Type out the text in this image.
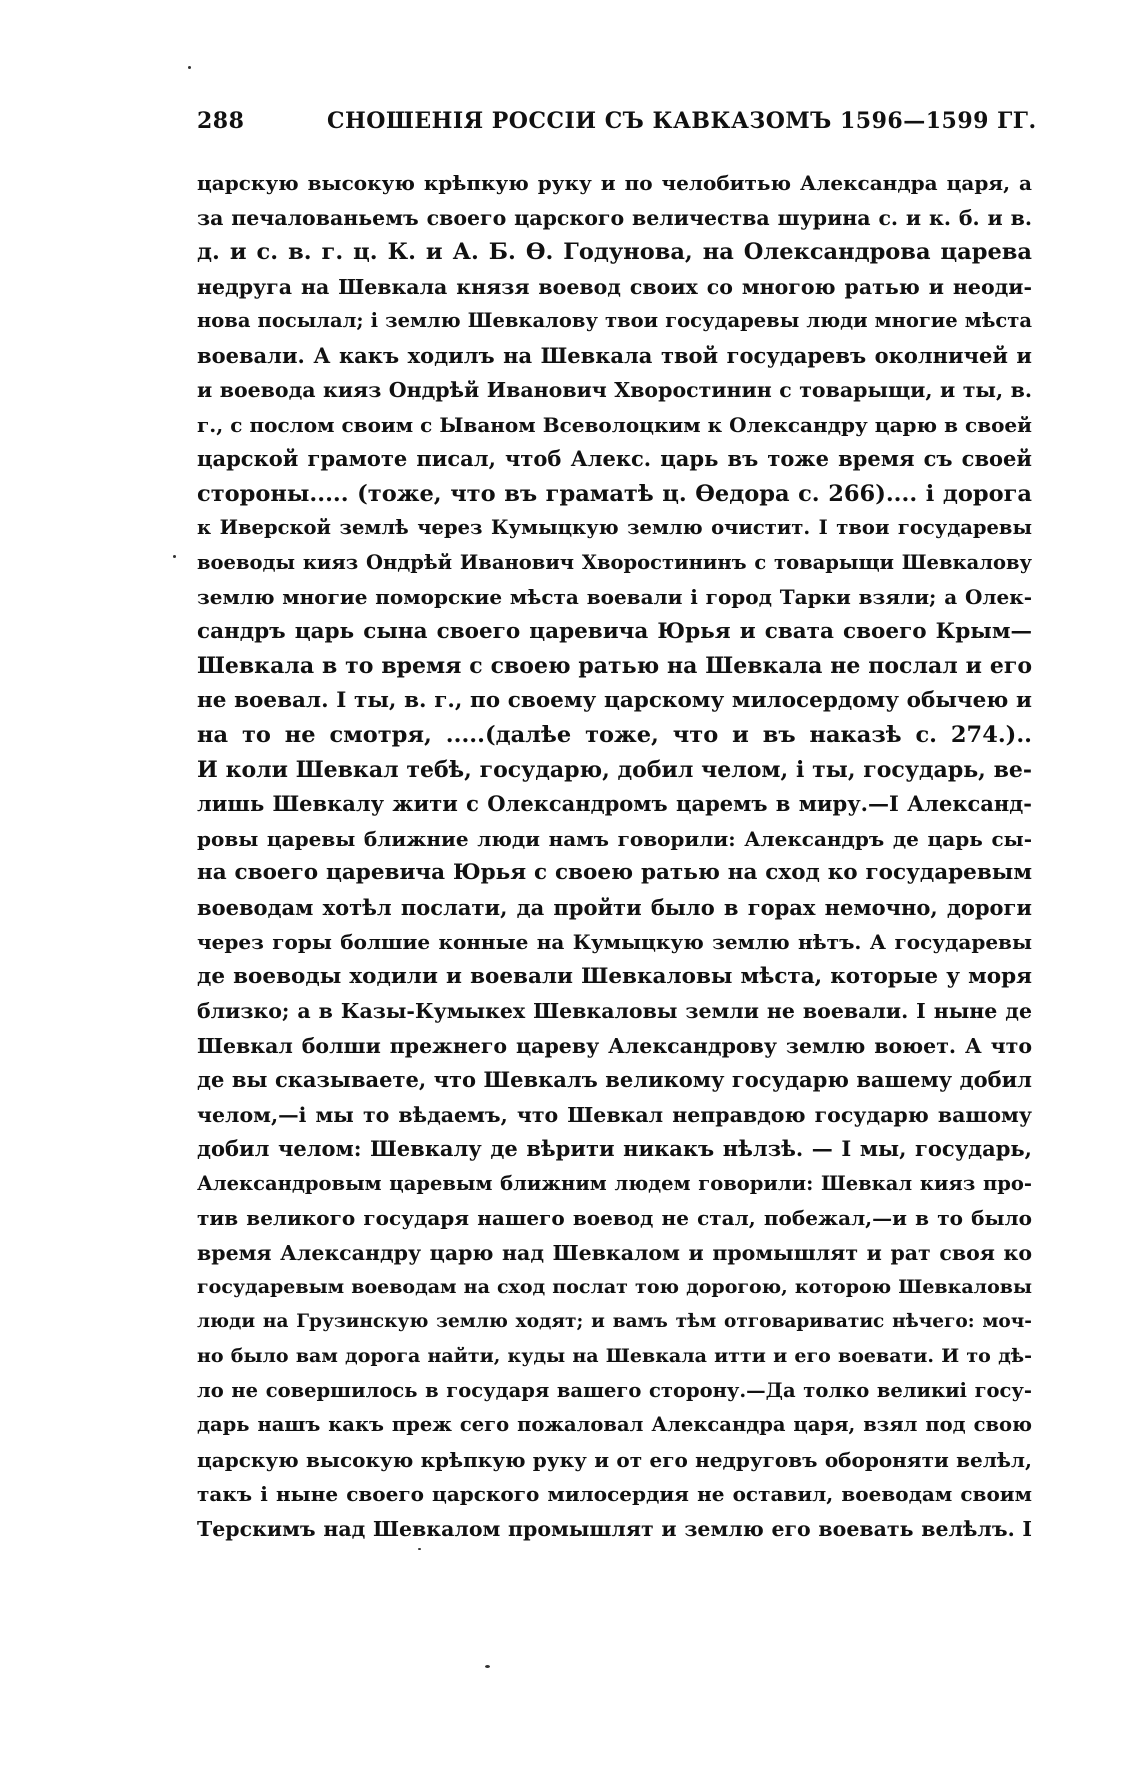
288	СНОШЕНІЯ РОССІИ СЪ КАВКАЗОМЪ 1596—1599 ГГ.
царскую высокую крѣпкую руку и по челобитью Александра царя, а
за печалованьемъ своего царского величества шурина с. и к. б. и в.
д. и с. в. г. ц. К. и А. Б. Ѳ. Годунова, на Олександрова царева
недруга на Шевкала князя воевод своих со многою ратью и неоди-
нова посылал; і землю Шевкалову твои государевы люди многие мѣста
воевали. А какъ ходилъ на Шевкала твой государевъ околничей и
и воевода кияз Ондрѣй Иванович Хворостинин с товарыщи, и ты, в.
г., с послом своим с Ываном Всеволоцким к Олександру царю в своей
царской грамоте писал, чтоб Алекс. царь въ тоже время съ своей
стороны..... (тоже, что въ граматѣ ц. Ѳедора с. 266).... і дорога
к Иверской землѣ через Кумыцкую землю очистит. І твои государевы
воеводы кияз Ондрѣй Иванович Хворостининъ с товарыщи Шевкалову
землю многие поморские мѣста воевали і город Тарки взяли; а Олек-
сандръ царь сына своего царевича Юрья и свата своего Крым—
Шевкала в то время с своею ратью на Шевкала не послал и его
не воевал. І ты, в. г., по своему царскому милосердому обычею и
на то не смотря, .....(далѣе тоже, что и въ наказѣ с. 274.)..
И коли Шевкал тебѣ, государю, добил челом, і ты, государь, ве-
лишь Шевкалу жити с Олександромъ царемъ в миру.—І Александ-
ровы царевы ближние люди намъ говорили: Александръ де царь сы-
на своего царевича Юрья с своею ратью на сход ко государевым
воеводам хотѣл послати, да пройти было в горах немочно, дороги
через горы болшие конные на Кумыцкую землю нѣтъ. А государевы
де воеводы ходили и воевали Шевкаловы мѣста, которые у моря
близко; а в Казы-Кумыкех Шевкаловы земли не воевали. І ныне де
Шевкал болши прежнего цареву Александрову землю воюет. А что
де вы сказываете, что Шевкалъ великому государю вашему добил
челом,—і мы то вѣдаемъ, что Шевкал неправдою государю вашому
добил челом: Шевкалу де вѣрити никакъ нѣлзѣ. — І мы, государь,
Александровым царевым ближним людем говорили: Шевкал кияз про-
тив великого государя нашего воевод не стал, побежал,—и в то было
время Александру царю над Шевкалом и промышлят и рат своя ко
государевым воеводам на сход послат тою дорогою, которою Шевкаловы
люди на Грузинскую землю ходят; и вамъ тѣм отговариватис нѣчего: моч-
но было вам дорога найти, куды на Шевкала итти и его воевати. И то дѣ-
ло не совершилось в государя вашего сторону.—Да толко великиі госу-
дарь нашъ какъ преж сего пожаловал Александра царя, взял под свою
царскую высокую крѣпкую руку и от его недруговъ обороняти велѣл,
такъ і ныне своего царского милосердия не оставил, воеводам своим
Терскимъ над Шевкалом промышлят и землю его воевать велѣлъ. І
